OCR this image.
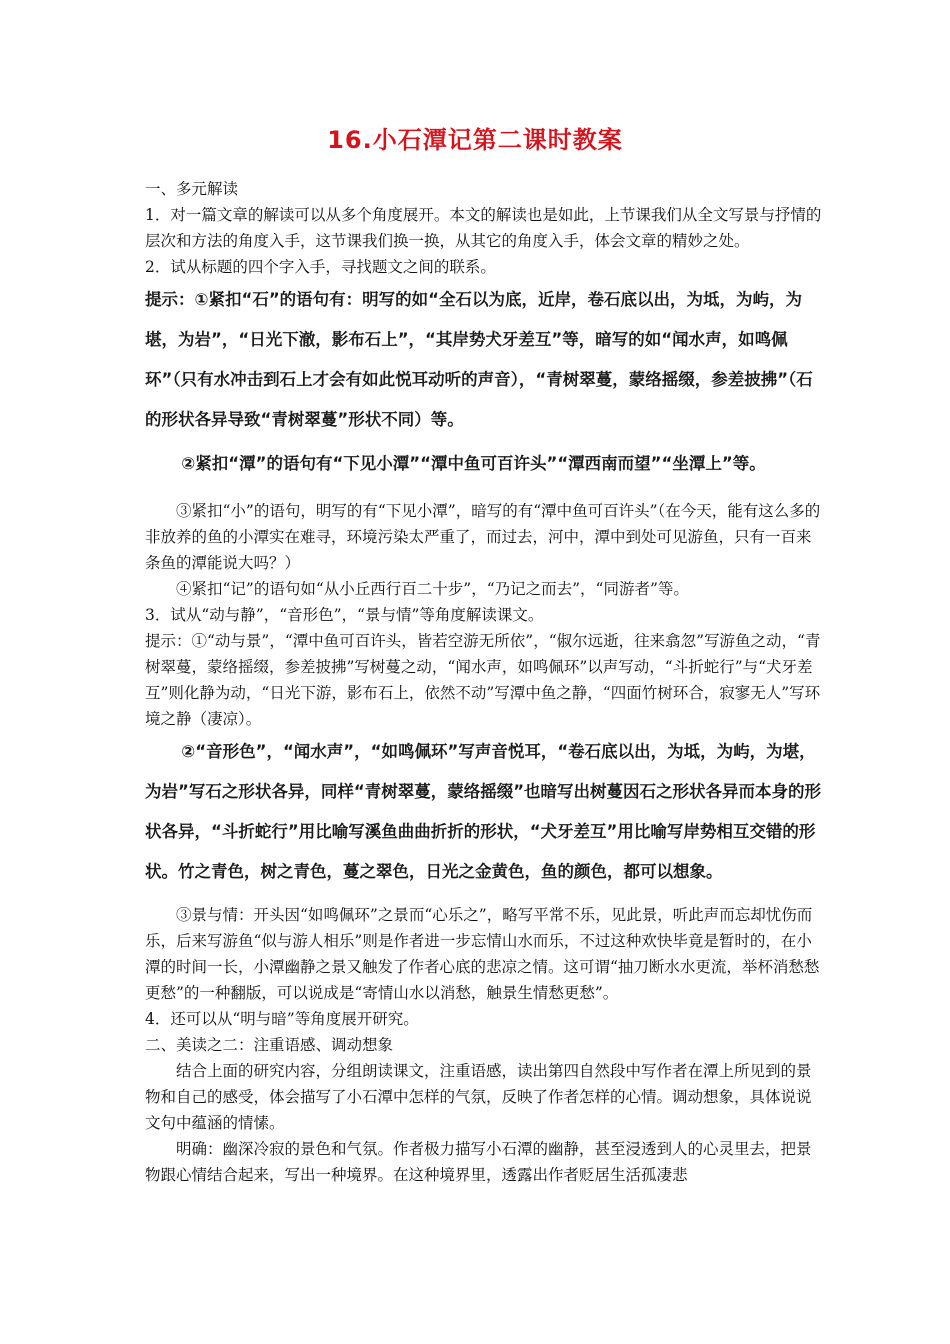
16.小石潭记第二课时教案

一、多元解读

1．对一篇文章的解读可以从多个角度展开。本文的解读也是如此，上节课我们从全文写景与抒情的层次和方法的角度入手，这节课我们换一换，从其它的角度入手，体会文章的精妙之处。

2．试从标题的四个字入手，寻找题文之间的联系。

提示：①紧扣“石”的语句有：明写的如“全石以为底，近岸，卷石底以出，为坻，为屿，为堪，为岩”，“日光下澈，影布石上”，“其岸势犬牙差互”等，暗写的如“闻水声，如鸣佩环”（只有水冲击到石上才会有如此悦耳动听的声音），“青树翠蔓，蒙络摇缀，参差披拂”（石的形状各异导致“青树翠蔓”形状不同）等。

②紧扣“潭”的语句有“下见小潭”“潭中鱼可百许头”“潭西南而望”“坐潭上”等。

③紧扣“小”的语句，明写的有“下见小潭”，暗写的有“潭中鱼可百许头”（在今天，能有这么多的非放养的鱼的小潭实在难寻，环境污染太严重了，而过去，河中，潭中到处可见游鱼，只有一百来条鱼的潭能说大吗？）

④紧扣“记”的语句如“从小丘西行百二十步”，“乃记之而去”，“同游者”等。

3．试从“动与静”，“音形色”，“景与情”等角度解读课文。

提示：①“动与景”，“潭中鱼可百许头，皆若空游无所依”，“俶尔远逝，往来翕忽”写游鱼之动，“青树翠蔓，蒙络摇缀，参差披拂”写树蔓之动，“闻水声，如鸣佩环”以声写动，“斗折蛇行”与“犬牙差互”则化静为动，“日光下游，影布石上，依然不动”写潭中鱼之静，“四面竹树环合，寂寥无人”写环境之静（凄凉）。

②“音形色”，“闻水声”，“如鸣佩环”写声音悦耳，“卷石底以出，为坻，为屿，为堪，为岩”写石之形状各异，同样“青树翠蔓，蒙络摇缀”也暗写出树蔓因石之形状各异而本身的形状各异，“斗折蛇行”用比喻写溪鱼曲曲折折的形状，“犬牙差互”用比喻写岸势相互交错的形状。竹之青色，树之青色，蔓之翠色，日光之金黄色，鱼的颜色，都可以想象。

③景与情：开头因“如鸣佩环”之景而“心乐之”，略写平常不乐，见此景，听此声而忘却忧伤而乐，后来写游鱼“似与游人相乐”则是作者进一步忘情山水而乐，不过这种欢快毕竟是暂时的，在小潭的时间一长，小潭幽静之景又触发了作者心底的悲凉之情。这可谓“抽刀断水水更流，举杯消愁愁更愁”的一种翻版，可以说成是“寄情山水以消愁，触景生情愁更愁”。

4．还可以从“明与暗”等角度展开研究。

二、美读之二：注重语感、调动想象

结合上面的研究内容，分组朗读课文，注重语感，读出第四自然段中写作者在潭上所见到的景物和自己的感受，体会描写了小石潭中怎样的气氛，反映了作者怎样的心情。调动想象，具体说说文句中蕴涵的情愫。

明确：幽深冷寂的景色和气氛。作者极力描写小石潭的幽静，甚至浸透到人的心灵里去，把景物跟心情结合起来，写出一种境界。在这种境界里，透露出作者贬居生活孤凄悲
